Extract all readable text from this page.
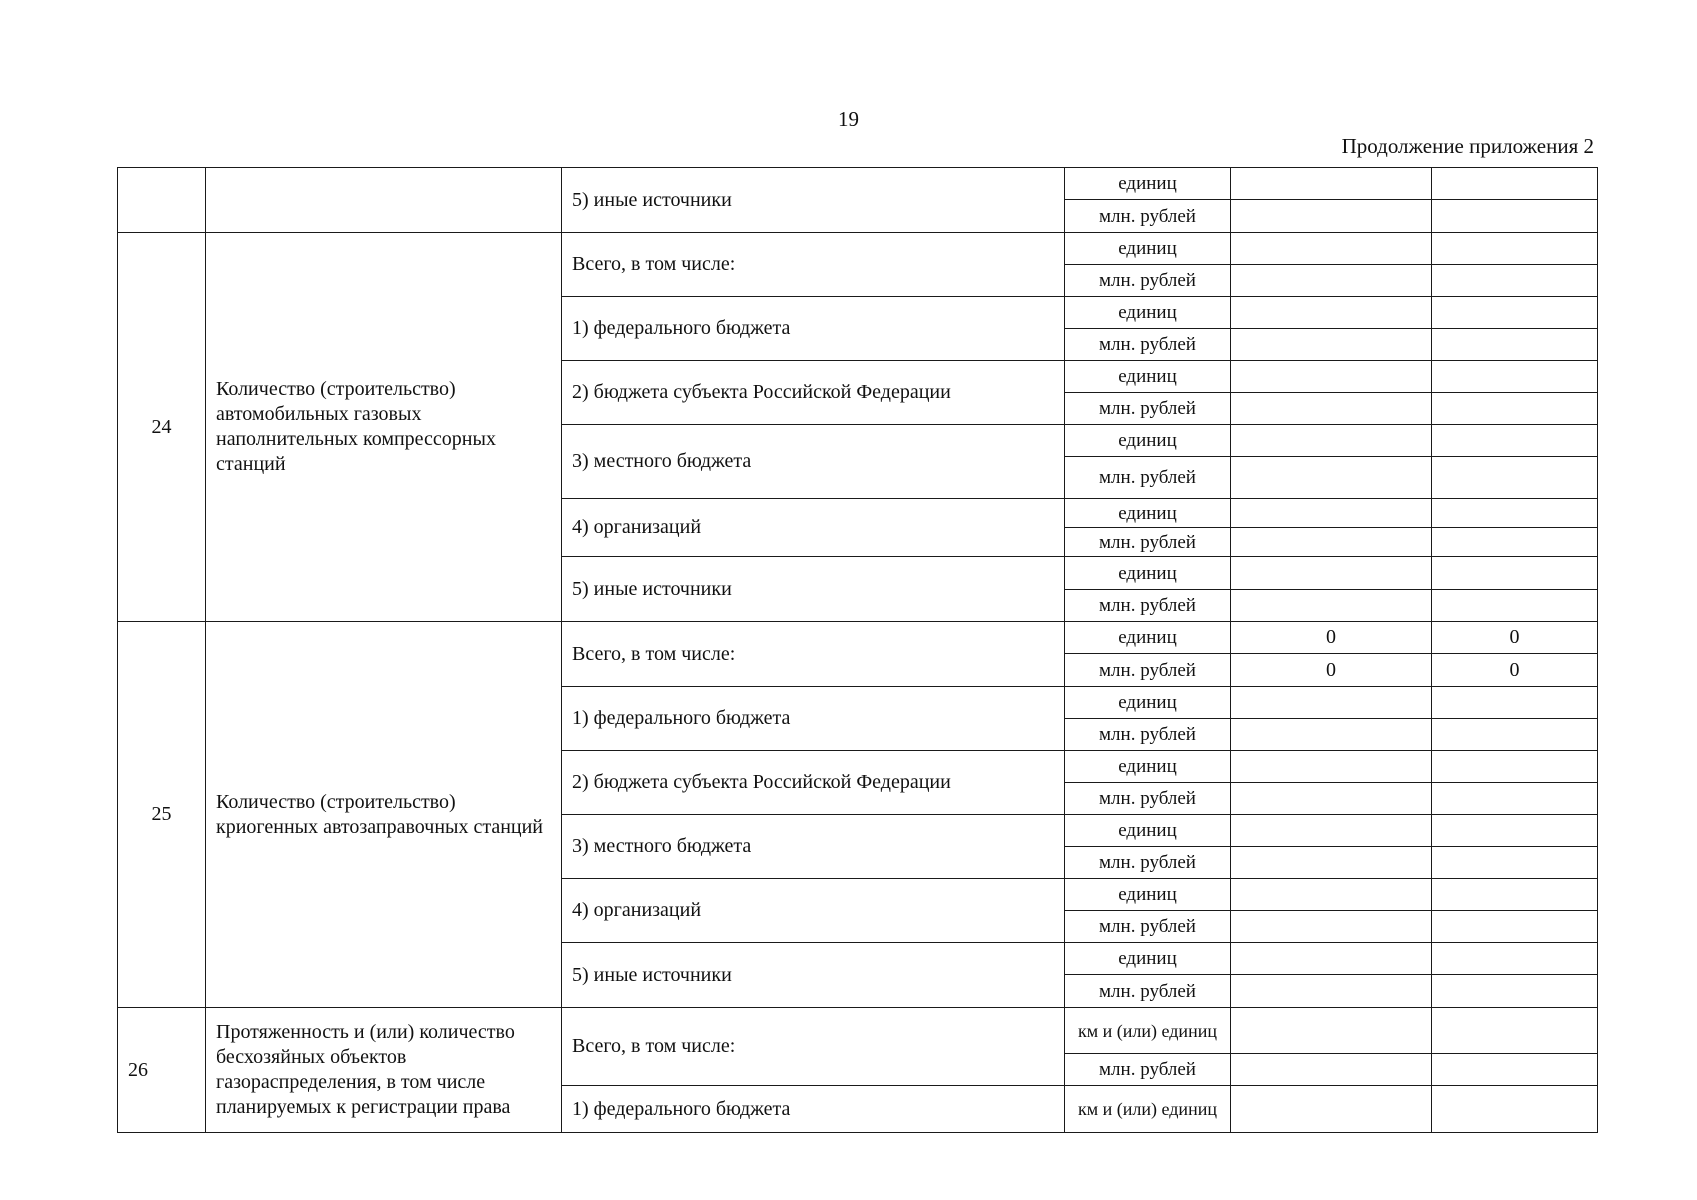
19
Продолжение приложения 2
		5) иные источники	единиц		
			млн. рублей		
24	Количество (строительство) автомобильных газовых наполнительных компрессорных станций	Всего, в том числе:	единиц		
			млн. рублей		
		1) федерального бюджета	единиц		
			млн. рублей		
		2) бюджета субъекта Российской Федерации	единиц		
			млн. рублей		
		3) местного бюджета	единиц		
			млн. рублей		
		4) организаций	единиц		
			млн. рублей		
		5) иные источники	единиц		
			млн. рублей		
25	Количество (строительство) криогенных автозаправочных станций	Всего, в том числе:	единиц	0	0
			млн. рублей	0	0
		1) федерального бюджета	единиц		
			млн. рублей		
		2) бюджета субъекта Российской Федерации	единиц		
			млн. рублей		
		3) местного бюджета	единиц		
			млн. рублей		
		4) организаций	единиц		
			млн. рублей		
		5) иные источники	единиц		
			млн. рублей		
26	Протяженность и (или) количество бесхозяйных объектов газораспределения, в том числе планируемых к регистрации права	Всего, в том числе:	км и (или) единиц		
			млн. рублей		
		1) федерального бюджета	км и (или) единиц		
